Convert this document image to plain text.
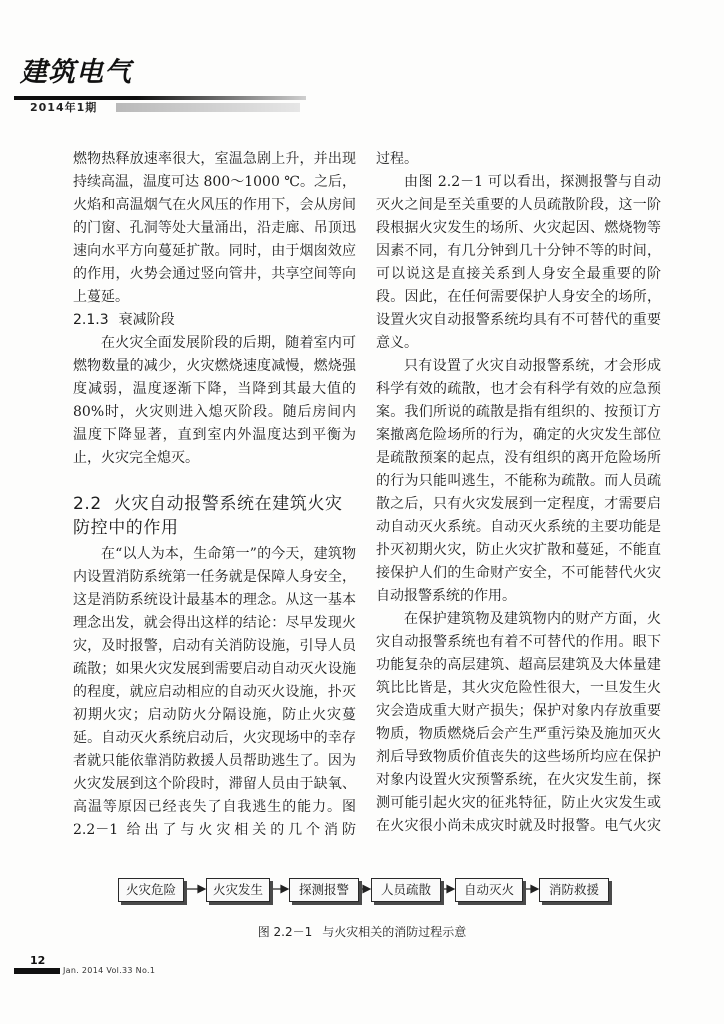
建筑电气
2014年1期

燃物热释放速率很大，室温急剧上升，并出现持续高温，温度可达 800～1000 ℃。之后，火焰和高温烟气在火风压的作用下，会从房间的门窗、孔洞等处大量涌出，沿走廊、吊顶迅速向水平方向蔓延扩散。同时，由于烟囱效应的作用，火势会通过竖向管井，共享空间等向上蔓延。

2.1.3 衰减阶段

在火灾全面发展阶段的后期，随着室内可燃物数量的减少，火灾燃烧速度减慢，燃烧强度减弱，温度逐渐下降，当降到其最大值的80%时，火灾则进入熄灭阶段。随后房间内温度下降显著，直到室内外温度达到平衡为止，火灾完全熄灭。

2.2 火灾自动报警系统在建筑火灾防控中的作用

在“以人为本，生命第一”的今天，建筑物内设置消防系统第一任务就是保障人身安全，这是消防系统设计最基本的理念。从这一基本理念出发，就会得出这样的结论：尽早发现火灾，及时报警，启动有关消防设施，引导人员疏散；如果火灾发展到需要启动自动灭火设施的程度，就应启动相应的自动灭火设施，扑灭初期火灾；启动防火分隔设施，防止火灾蔓延。自动灭火系统启动后，火灾现场中的幸存者就只能依靠消防救援人员帮助逃生了。因为火灾发展到这个阶段时，滞留人员由于缺氧、高温等原因已经丧失了自我逃生的能力。图 2.2－1 给出了与火灾相关的几个消防

过程。

由图 2.2－1 可以看出，探测报警与自动灭火之间是至关重要的人员疏散阶段，这一阶段根据火灾发生的场所、火灾起因、燃烧物等因素不同，有几分钟到几十分钟不等的时间，可以说这是直接关系到人身安全最重要的阶段。因此，在任何需要保护人身安全的场所，设置火灾自动报警系统均具有不可替代的重要意义。

只有设置了火灾自动报警系统，才会形成科学有效的疏散，也才会有科学有效的应急预案。我们所说的疏散是指有组织的、按预订方案撤离危险场所的行为，确定的火灾发生部位是疏散预案的起点，没有组织的离开危险场所的行为只能叫逃生，不能称为疏散。而人员疏散之后，只有火灾发展到一定程度，才需要启动自动灭火系统。自动灭火系统的主要功能是扑灭初期火灾，防止火灾扩散和蔓延，不能直接保护人们的生命财产安全，不可能替代火灾自动报警系统的作用。

在保护建筑物及建筑物内的财产方面，火灾自动报警系统也有着不可替代的作用。眼下功能复杂的高层建筑、超高层建筑及大体量建筑比比皆是，其火灾危险性很大，一旦发生火灾会造成重大财产损失；保护对象内存放重要物质，物质燃烧后会产生严重污染及施加灭火剂后导致物质价值丧失的这些场所均应在保护对象内设置火灾预警系统，在火灾发生前，探测可能引起火灾的征兆特征，防止火灾发生或在火灾很小尚未成灾时就及时报警。电气火灾

火灾危险	火灾发生	探测报警	人员疏散	自动灭火	消防救援
图 2.2－1 与火灾相关的消防过程示意
12
Jan. 2014 Vol.33 No.1
